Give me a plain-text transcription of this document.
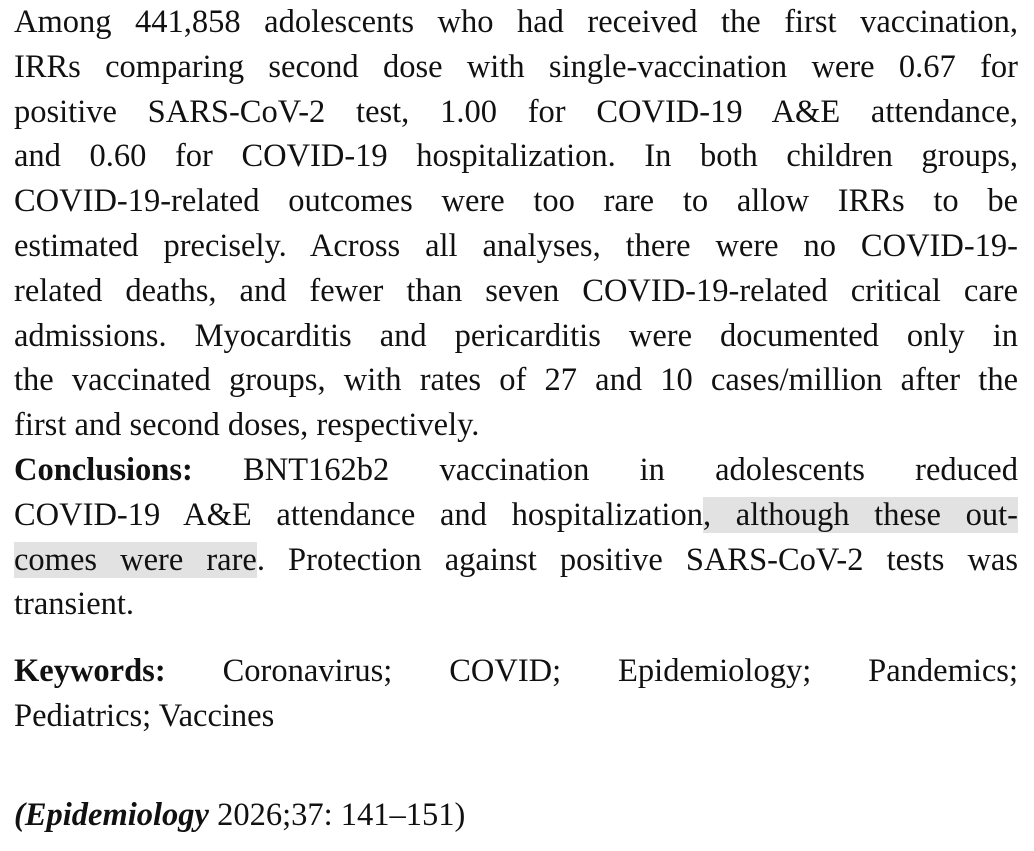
Among 441,858 adolescents who had received the first vaccination,
IRRs comparing second dose with single-vaccination were 0.67 for
positive SARS-CoV-2 test, 1.00 for COVID-19 A&E attendance,
and 0.60 for COVID-19 hospitalization. In both children groups,
COVID-19-related outcomes were too rare to allow IRRs to be
estimated precisely. Across all analyses, there were no COVID-19-
related deaths, and fewer than seven COVID-19-related critical care
admissions. Myocarditis and pericarditis were documented only in
the vaccinated groups, with rates of 27 and 10 cases/million after the
first and second doses, respectively.
Conclusions: BNT162b2 vaccination in adolescents reduced
COVID-19 A&E attendance and hospitalization, although these out-
comes were rare. Protection against positive SARS-CoV-2 tests was
transient.
Keywords: Coronavirus; COVID; Epidemiology; Pandemics;
Pediatrics; Vaccines
(Epidemiology 2026;37: 141–151)
